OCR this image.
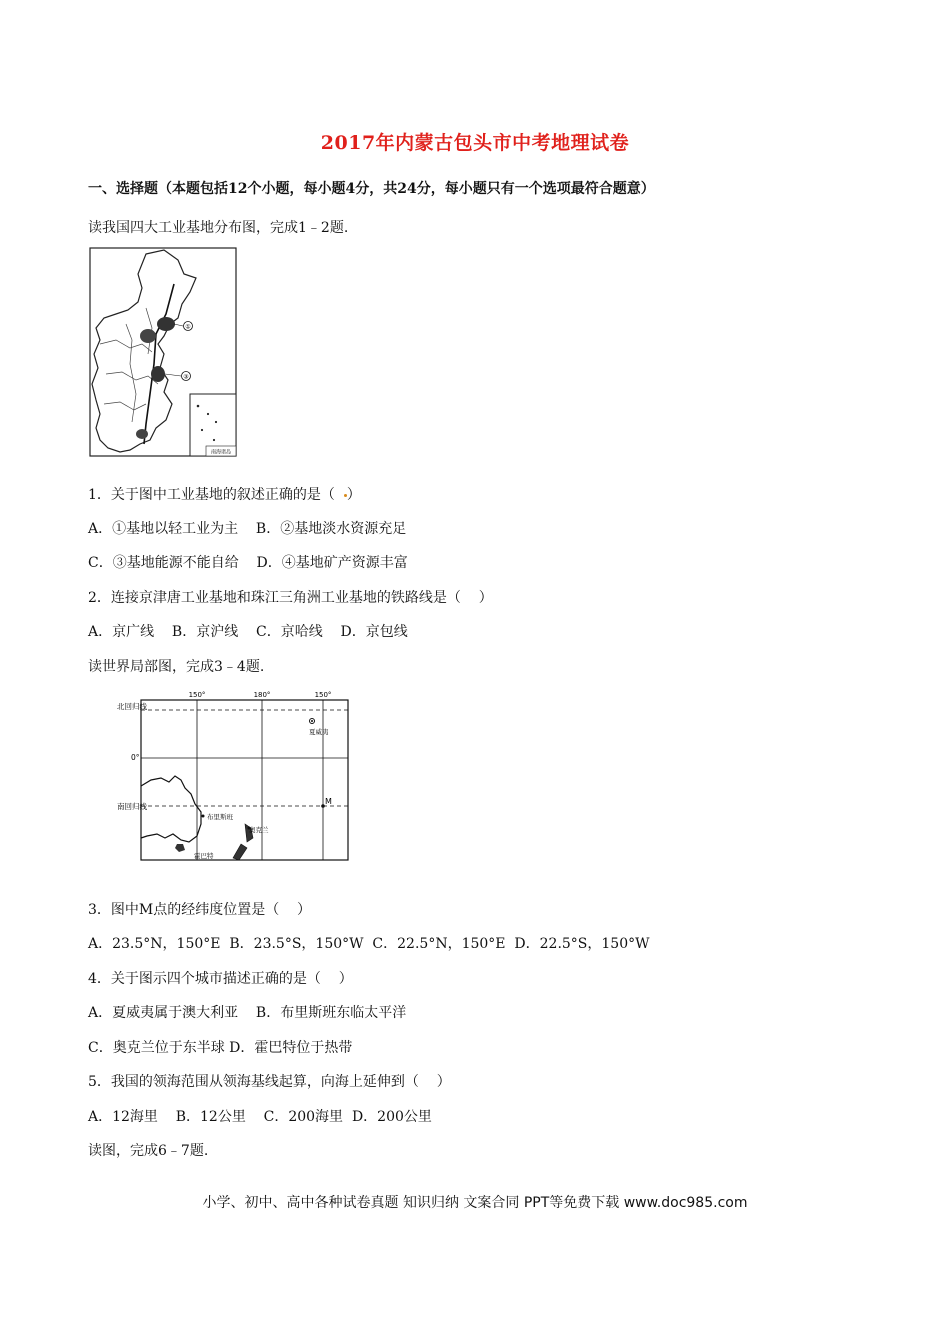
2017年内蒙古包头市中考地理试卷
一、选择题（本题包括12个小题，每小题4分，共24分，每小题只有一个选项最符合题意）
读我国四大工业基地分布图，完成1﹣2题.
①
③
南海诸岛
1．关于图中工业基地的叙述正确的是（  ）
A．①基地以轻工业为主    B．②基地淡水资源充足
C．③基地能源不能自给    D．④基地矿产资源丰富
2．连接京津唐工业基地和珠江三角洲工业基地的铁路线是（    ）
A．京广线    B．京沪线    C．京哈线    D．京包线
读世界局部图，完成3﹣4题.
150°	180°	150°
北回归线
0°
南回归线
夏威夷
布里斯班
奥克兰
M
霍巴特
3．图中M点的经纬度位置是（    ）
A．23.5°N，150°E  B．23.5°S，150°W  C．22.5°N，150°E  D．22.5°S，150°W
4．关于图示四个城市描述正确的是（    ）
A．夏威夷属于澳大利亚    B．布里斯班东临太平洋
C．奥克兰位于东半球 D．霍巴特位于热带
5．我国的领海范围从领海基线起算，向海上延伸到（    ）
A．12海里    B．12公里    C．200海里  D．200公里
读图，完成6﹣7题.
小学、初中、高中各种试卷真题 知识归纳 文案合同 PPT等免费下载 www.doc985.com
